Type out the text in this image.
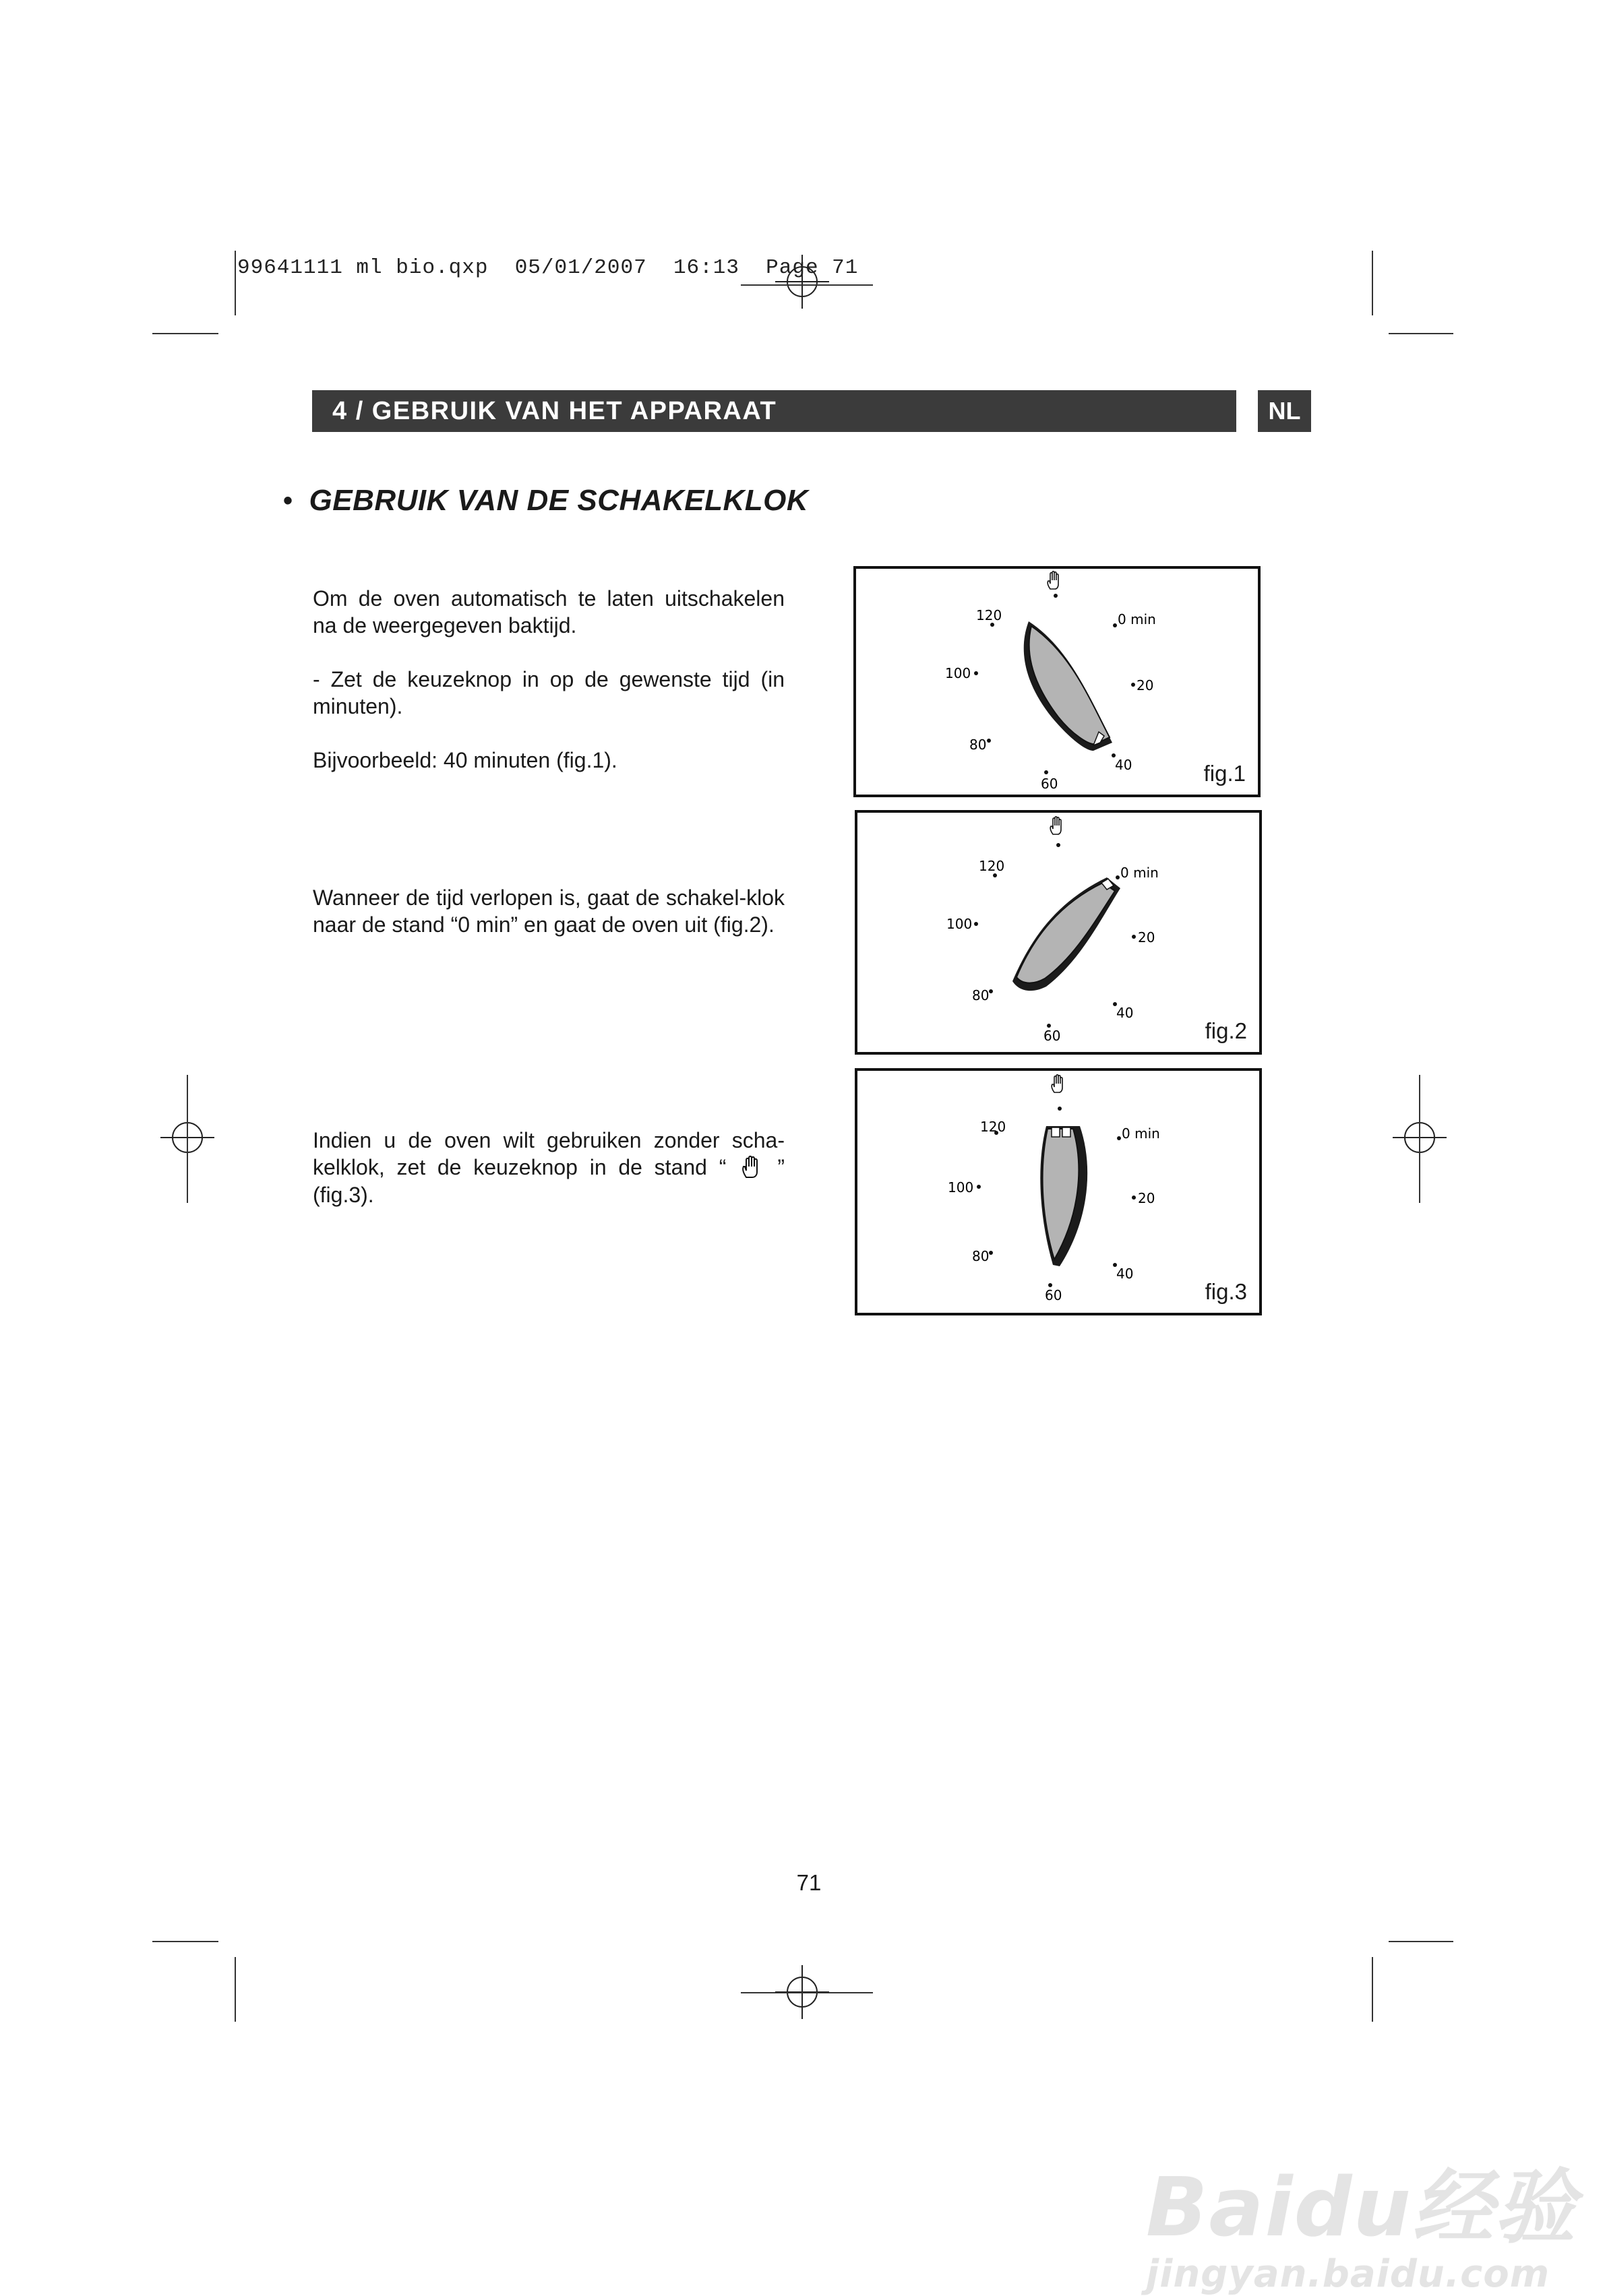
99641111 ml bio.qxp 05/01/2007 16:13 Page 71
4 / GEBRUIK VAN HET APPARAAT	NL
• GEBRUIK VAN DE SCHAKELKLOK

Om de oven automatisch te laten uitschakelen na de weergegeven baktijd.

- Zet de keuzeknop in op de gewenste tijd (in minuten).

Bijvoorbeeld: 40 minuten (fig.1).

Wanneer de tijd verlopen is, gaat de schakel-klok naar de stand “0 min” en gaat de oven uit (fig.2).

Indien u de oven wilt gebruiken zonder scha-kelklok, zet de keuzeknop in de stand “ ” (fig.3).

0 min
20
40
60
80
100
120
fig.1
0 min
20
40
60
80
100
120
fig.2
0 min
20
40
60
80
100
120
fig.3
71
Baidu经验
jingyan.baidu.com
